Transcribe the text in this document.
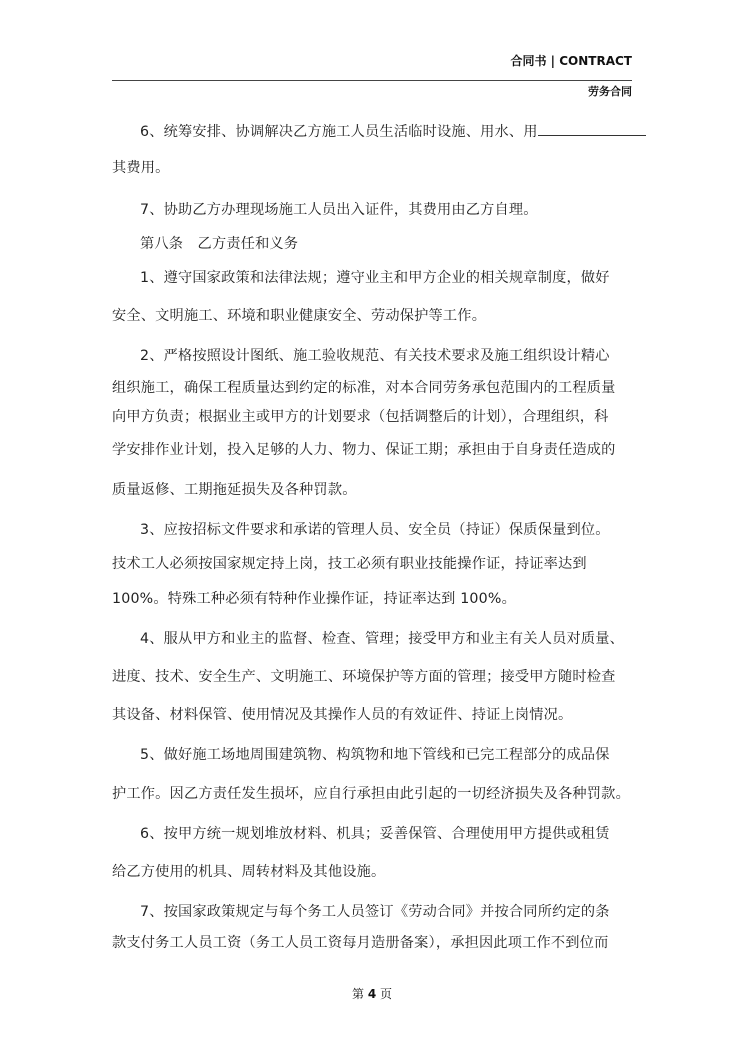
合同书 | CONTRACT
劳务合同
6、统筹安排、协调解决乙方施工人员生活临时设施、用水、用
其费用。
7、协助乙方办理现场施工人员出入证件，其费用由乙方自理。
第八条　乙方责任和义务
1、遵守国家政策和法律法规；遵守业主和甲方企业的相关规章制度，做好
安全、文明施工、环境和职业健康安全、劳动保护等工作。
2、严格按照设计图纸、施工验收规范、有关技术要求及施工组织设计精心
组织施工，确保工程质量达到约定的标准，对本合同劳务承包范围内的工程质量
向甲方负责；根据业主或甲方的计划要求（包括调整后的计划），合理组织，科
学安排作业计划，投入足够的人力、物力、保证工期；承担由于自身责任造成的
质量返修、工期拖延损失及各种罚款。
3、应按招标文件要求和承诺的管理人员、安全员（持证）保质保量到位。
技术工人必须按国家规定持上岗，技工必须有职业技能操作证，持证率达到
100%。特殊工种必须有特种作业操作证，持证率达到 100%。
4、服从甲方和业主的监督、检查、管理；接受甲方和业主有关人员对质量、
进度、技术、安全生产、文明施工、环境保护等方面的管理；接受甲方随时检查
其设备、材料保管、使用情况及其操作人员的有效证件、持证上岗情况。
5、做好施工场地周围建筑物、构筑物和地下管线和已完工程部分的成品保
护工作。因乙方责任发生损坏，应自行承担由此引起的一切经济损失及各种罚款。
6、按甲方统一规划堆放材料、机具；妥善保管、合理使用甲方提供或租赁
给乙方使用的机具、周转材料及其他设施。
7、按国家政策规定与每个务工人员签订《劳动合同》并按合同所约定的条
款支付务工人员工资（务工人员工资每月造册备案），承担因此项工作不到位而
第 4 页
